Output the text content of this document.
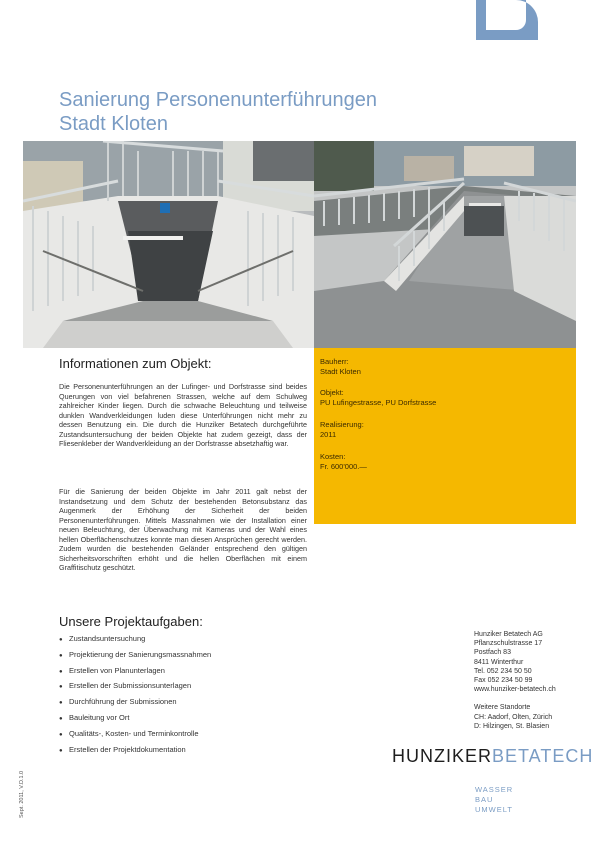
Sanierung Personenunterführungen
Stadt Kloten
Informationen zum Objekt:
Die Personenunterführungen an der Lufinger- und Dorfstrasse sind beides Querungen von viel befahrenen Strassen, welche auf dem Schulweg zahlreicher Kinder liegen. Durch die schwache Beleuchtung und teilweise dunklen Wandverkleidungen luden diese Unterführungen nicht mehr zu dessen Benutzung ein. Die durch die Hunziker Betatech durchgeführte Zustandsuntersuchung der beiden Objekte hat zudem gezeigt, dass der Fliesenkleber der Wandverkleidung an der Dorfstrasse absetzhaftig war.
Für die Sanierung der beiden Objekte im Jahr 2011 galt nebst der Instandsetzung und dem Schutz der bestehenden Betonsubstanz das Augenmerk der Erhöhung der Sicherheit der beiden Personenunterführungen. Mittels Massnahmen wie der Installation einer neuen Beleuchtung, der Überwachung mit Kameras und der Wahl eines hellen Oberflächenschutzes konnte man diesen Ansprüchen gerecht werden. Zudem wurden die bestehenden Geländer entsprechend den gültigen Sicherheitsvorschriften erhöht und die hellen Oberflächen mit einem Graffitischutz geschützt.
Bauherr:
Stadt Kloten
Objekt:
PU Lufingestrasse, PU Dorfstrasse
Realisierung:
2011
Kosten:
Fr. 600'000.—
Unsere Projektaufgaben:
● Zustandsuntersuchung
● Projektierung der Sanierungsmassnahmen
● Erstellen von Planunterlagen
● Erstellen der Submissionsunterlagen
● Durchführung der Submissionen
● Bauleitung vor Ort
● Qualitäts-, Kosten- und Terminkontrolle
● Erstellen der Projektdokumentation
Hunziker Betatech AG
Pflanzschulstrasse 17
Postfach 83
8411 Winterthur
Tel. 052 234 50 50
Fax 052 234 50 99
www.hunziker-betatech.ch
Weitere Standorte
CH: Aadorf, Olten, Zürich
D: Hilzingen, St. Blasien
HUNZIKERBETATECH
WASSER
BAU
UMWELT
Sept. 2011, V.D.1.0
